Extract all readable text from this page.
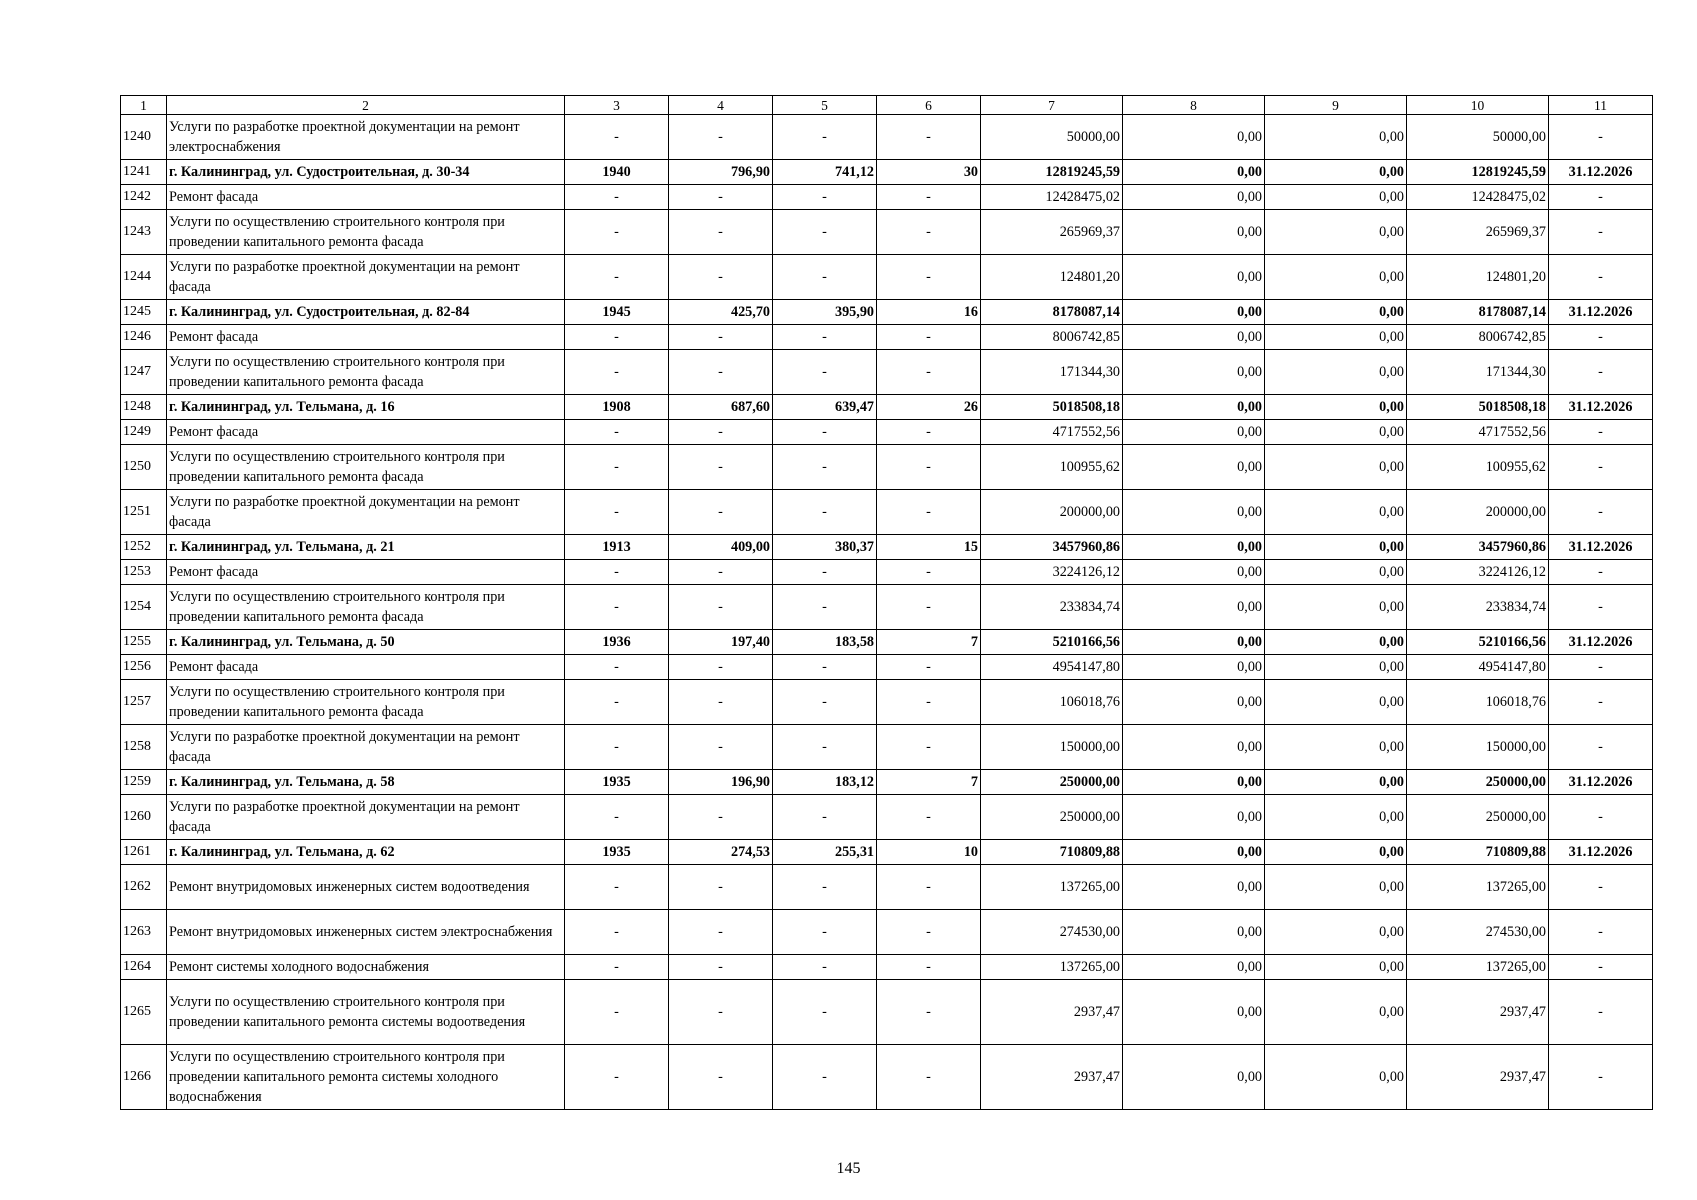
1	2	3	4	5	6	7	8	9	10	11
1240	Услуги по разработке проектной документации на ремонт электроснабжения	-	-	-	-	50000,00	0,00	0,00	50000,00	-
1241	г. Калининград, ул. Судостроительная, д. 30-34	1940	796,90	741,12	30	12819245,59	0,00	0,00	12819245,59	31.12.2026
1242	Ремонт фасада	-	-	-	-	12428475,02	0,00	0,00	12428475,02	-
1243	Услуги по осуществлению строительного контроля при проведении капитального ремонта фасада	-	-	-	-	265969,37	0,00	0,00	265969,37	-
1244	Услуги по разработке проектной документации на ремонт фасада	-	-	-	-	124801,20	0,00	0,00	124801,20	-
1245	г. Калининград, ул. Судостроительная, д. 82-84	1945	425,70	395,90	16	8178087,14	0,00	0,00	8178087,14	31.12.2026
1246	Ремонт фасада	-	-	-	-	8006742,85	0,00	0,00	8006742,85	-
1247	Услуги по осуществлению строительного контроля при проведении капитального ремонта фасада	-	-	-	-	171344,30	0,00	0,00	171344,30	-
1248	г. Калининград, ул. Тельмана, д. 16	1908	687,60	639,47	26	5018508,18	0,00	0,00	5018508,18	31.12.2026
1249	Ремонт фасада	-	-	-	-	4717552,56	0,00	0,00	4717552,56	-
1250	Услуги по осуществлению строительного контроля при проведении капитального ремонта фасада	-	-	-	-	100955,62	0,00	0,00	100955,62	-
1251	Услуги по разработке проектной документации на ремонт фасада	-	-	-	-	200000,00	0,00	0,00	200000,00	-
1252	г. Калининград, ул. Тельмана, д. 21	1913	409,00	380,37	15	3457960,86	0,00	0,00	3457960,86	31.12.2026
1253	Ремонт фасада	-	-	-	-	3224126,12	0,00	0,00	3224126,12	-
1254	Услуги по осуществлению строительного контроля при проведении капитального ремонта фасада	-	-	-	-	233834,74	0,00	0,00	233834,74	-
1255	г. Калининград, ул. Тельмана, д. 50	1936	197,40	183,58	7	5210166,56	0,00	0,00	5210166,56	31.12.2026
1256	Ремонт фасада	-	-	-	-	4954147,80	0,00	0,00	4954147,80	-
1257	Услуги по осуществлению строительного контроля при проведении капитального ремонта фасада	-	-	-	-	106018,76	0,00	0,00	106018,76	-
1258	Услуги по разработке проектной документации на ремонт фасада	-	-	-	-	150000,00	0,00	0,00	150000,00	-
1259	г. Калининград, ул. Тельмана, д. 58	1935	196,90	183,12	7	250000,00	0,00	0,00	250000,00	31.12.2026
1260	Услуги по разработке проектной документации на ремонт фасада	-	-	-	-	250000,00	0,00	0,00	250000,00	-
1261	г. Калининград, ул. Тельмана, д. 62	1935	274,53	255,31	10	710809,88	0,00	0,00	710809,88	31.12.2026
1262	Ремонт внутридомовых инженерных систем водоотведения	-	-	-	-	137265,00	0,00	0,00	137265,00	-
1263	Ремонт внутридомовых инженерных систем электроснабжения	-	-	-	-	274530,00	0,00	0,00	274530,00	-
1264	Ремонт системы холодного водоснабжения	-	-	-	-	137265,00	0,00	0,00	137265,00	-
1265	Услуги по осуществлению строительного контроля при проведении капитального ремонта системы водоотведения	-	-	-	-	2937,47	0,00	0,00	2937,47	-
1266	Услуги по осуществлению строительного контроля при проведении капитального ремонта системы холодного водоснабжения	-	-	-	-	2937,47	0,00	0,00	2937,47	-
145
